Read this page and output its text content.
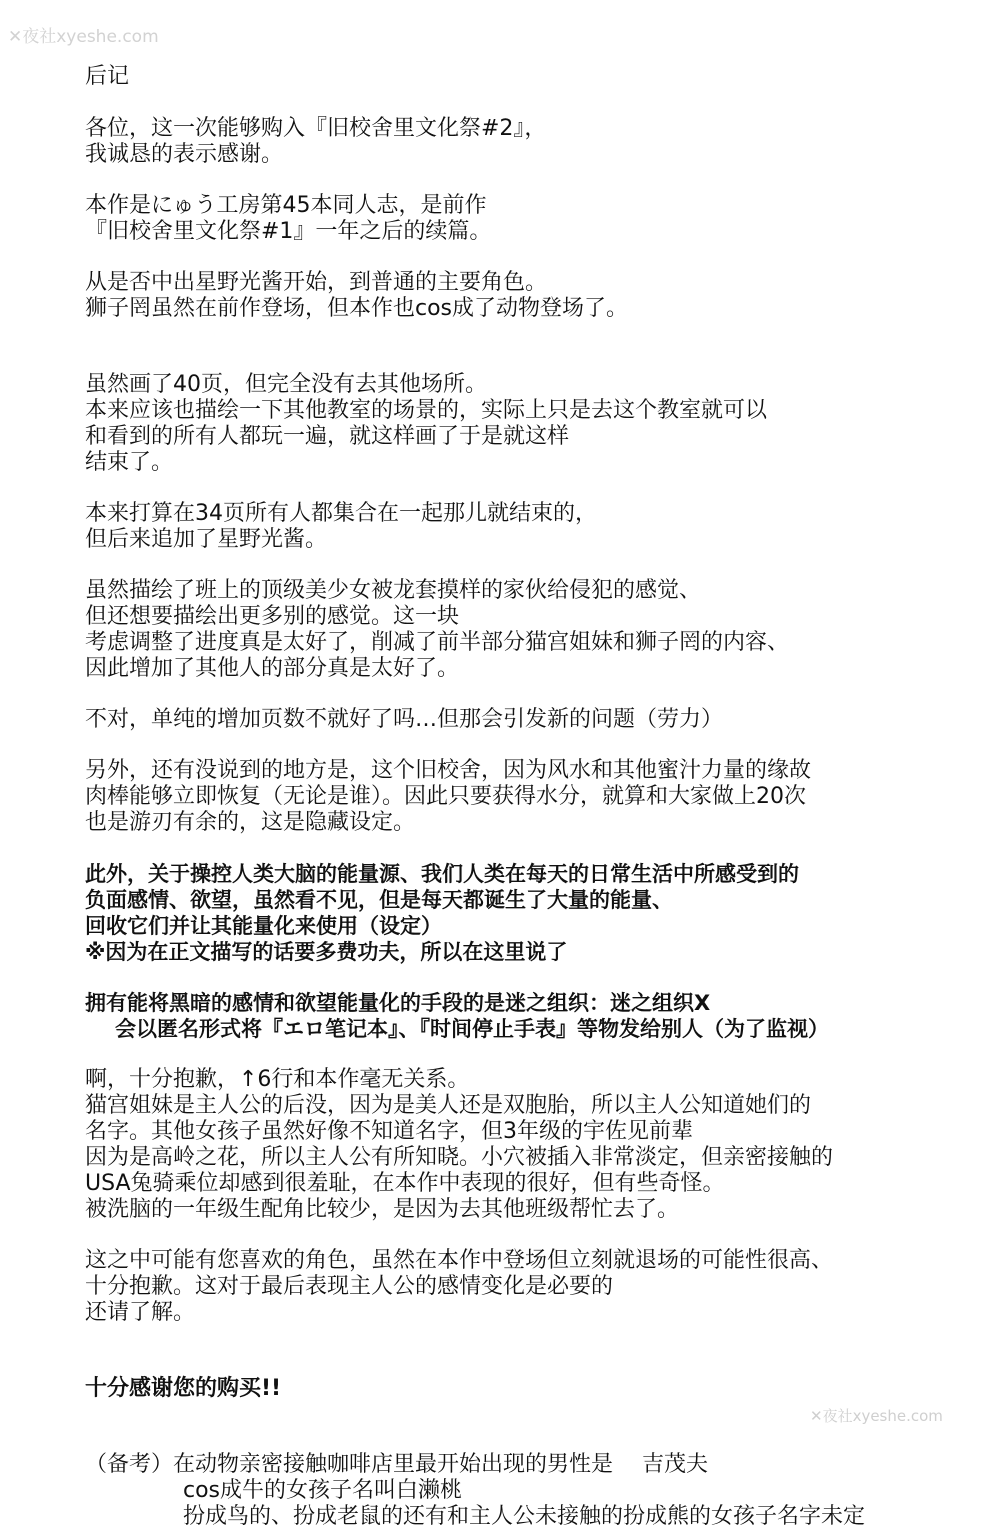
✕夜社xyeshe.com
后记
各位，这一次能够购入『旧校舍里文化祭#2』，
我诚恳的表示感谢。
本作是にゅう工房第45本同人志，是前作
『旧校舍里文化祭#1』一年之后的续篇。
从是否中出星野光酱开始，到普通的主要角色。
狮子罔虽然在前作登场，但本作也cos成了动物登场了。
虽然画了40页，但完全没有去其他场所。
本来应该也描绘一下其他教室的场景的，实际上只是去这个教室就可以
和看到的所有人都玩一遍，就这样画了于是就这样
结束了。
本来打算在34页所有人都集合在一起那儿就结束的，
但后来追加了星野光酱。
虽然描绘了班上的顶级美少女被龙套摸样的家伙给侵犯的感觉、
但还想要描绘出更多别的感觉。这一块
考虑调整了进度真是太好了，削减了前半部分猫宫姐妹和狮子罔的内容、
因此增加了其他人的部分真是太好了。
不对，单纯的增加页数不就好了吗…但那会引发新的问题（劳力）
另外，还有没说到的地方是，这个旧校舍，因为风水和其他蜜汁力量的缘故
肉棒能够立即恢复（无论是谁）。因此只要获得水分，就算和大家做上20次
也是游刃有余的，这是隐藏设定。
此外，关于操控人类大脑的能量源、我们人类在每天的日常生活中所感受到的
负面感情、欲望，虽然看不见，但是每天都诞生了大量的能量、
回收它们并让其能量化来使用（设定）
※因为在正文描写的话要多费功夫，所以在这里说了
拥有能将黑暗的感情和欲望能量化的手段的是迷之组织：迷之组织X
会以匿名形式将『エロ笔记本』、『时间停止手表』等物发给别人（为了监视）
啊，十分抱歉，↑6行和本作毫无关系。
猫宫姐妹是主人公的后没，因为是美人还是双胞胎，所以主人公知道她们的
名字。其他女孩子虽然好像不知道名字，但3年级的宇佐见前辈
因为是高岭之花，所以主人公有所知晓。小穴被插入非常淡定，但亲密接触的
USA兔骑乘位却感到很羞耻，在本作中表现的很好，但有些奇怪。
被洗脑的一年级生配角比较少，是因为去其他班级帮忙去了。
这之中可能有您喜欢的角色，虽然在本作中登场但立刻就退场的可能性很高、
十分抱歉。这对于最后表现主人公的感情变化是必要的
还请了解。
十分感谢您的购买!!
（备考）在动物亲密接触咖啡店里最开始出现的男性是　 吉茂夫
cos成牛的女孩子名叫白濑桃
扮成鸟的、扮成老鼠的还有和主人公未接触的扮成熊的女孩子名字未定
✕夜社xyeshe.com
